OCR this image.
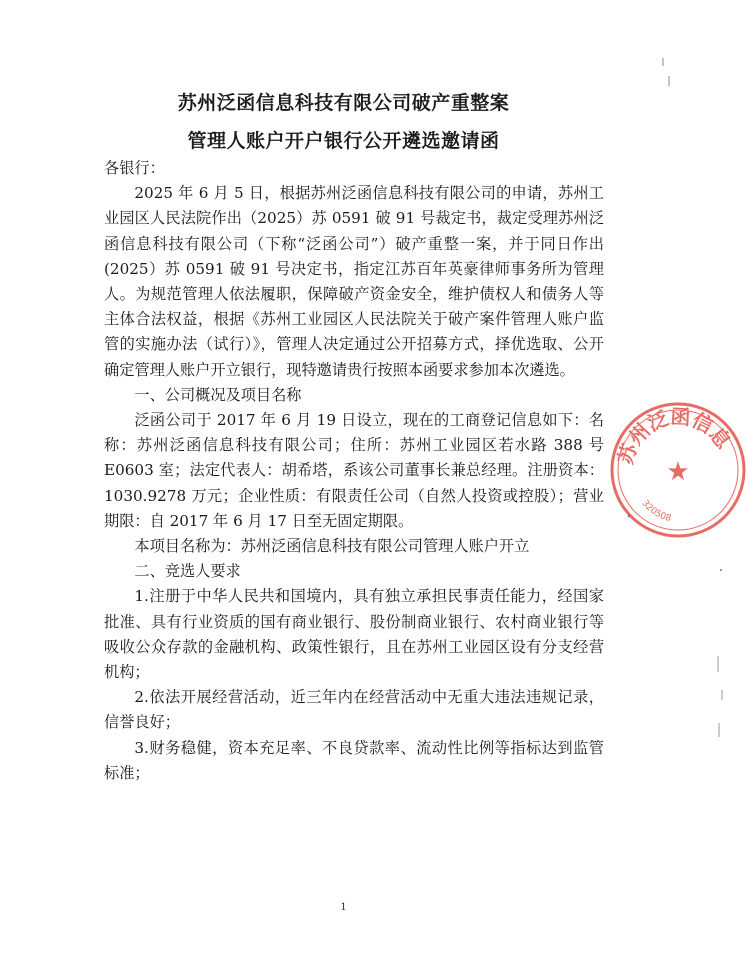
苏州泛函信息科技有限公司破产重整案
管理人账户开户银行公开遴选邀请函

各银行：

2025 年 6 月 5 日，根据苏州泛函信息科技有限公司的申请，苏州工业园区人民法院作出（2025）苏 0591 破 91 号裁定书，裁定受理苏州泛函信息科技有限公司（下称“泛函公司”）破产重整一案，并于同日作出(2025）苏 0591 破 91 号决定书，指定江苏百年英豪律师事务所为管理人。为规范管理人依法履职，保障破产资金安全，维护债权人和债务人等主体合法权益，根据《苏州工业园区人民法院关于破产案件管理人账户监管的实施办法（试行）》，管理人决定通过公开招募方式，择优选取、公开确定管理人账户开立银行，现特邀请贵行按照本函要求参加本次遴选。

一、公司概况及项目名称

泛函公司于 2017 年 6 月 19 日设立，现在的工商登记信息如下：名称：苏州泛函信息科技有限公司；住所：苏州工业园区若水路 388 号 E0603 室；法定代表人：胡希塔，系该公司董事长兼总经理。注册资本：1030.9278 万元；企业性质：有限责任公司（自然人投资或控股）；营业期限：自 2017 年 6 月 17 日至无固定期限。

本项目名称为：苏州泛函信息科技有限公司管理人账户开立

二、竞选人要求

1.注册于中华人民共和国境内，具有独立承担民事责任能力，经国家批准、具有行业资质的国有商业银行、股份制商业银行、农村商业银行等吸收公众存款的金融机构、政策性银行，且在苏州工业园区设有分支经营机构；

2.依法开展经营活动，近三年内在经营活动中无重大违法违规记录，信誉良好；

3.财务稳健，资本充足率、不良贷款率、流动性比例等指标达到监管标准；

1
苏州泛函信息
320508
★
